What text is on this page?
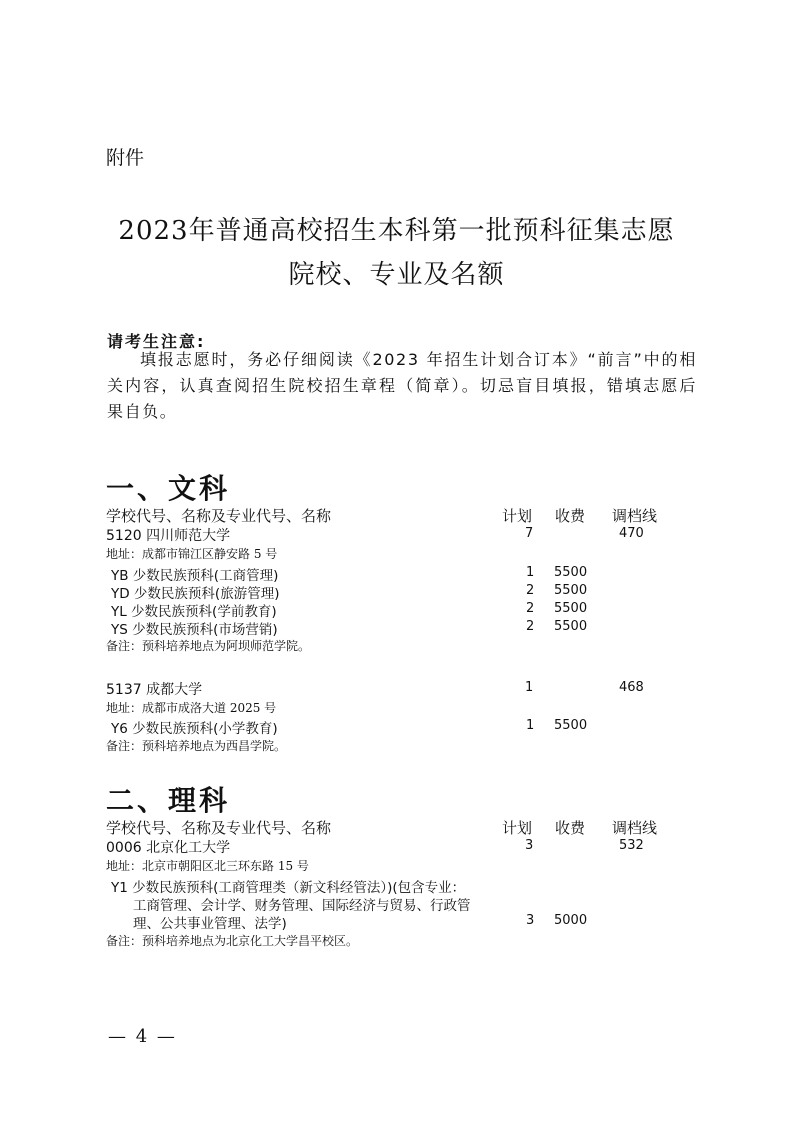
附件
2023年普通高校招生本科第一批预科征集志愿
院校、专业及名额
请考生注意:
填报志愿时，务必仔细阅读《2023 年招生计划合订本》“前言”中的相关内容，认真查阅招生院校招生章程（简章）。切忌盲目填报，错填志愿后果自负。
一、文科
学校代号、名称及专业代号、名称	计划 收费 调档线
5120 四川师范大学	7	470
地址：成都市锦江区静安路 5 号
YB 少数民族预科(工商管理)	1 5500
YD 少数民族预科(旅游管理)	2 5500
YL 少数民族预科(学前教育)	2 5500
YS 少数民族预科(市场营销)	2 5500
备注：预科培养地点为阿坝师范学院。
5137 成都大学	1	468
地址：成都市成洛大道 2025 号
Y6 少数民族预科(小学教育)	1 5500
备注：预科培养地点为西昌学院。
二、理科
学校代号、名称及专业代号、名称	计划 收费 调档线
0006 北京化工大学	3	532
地址：北京市朝阳区北三环东路 15 号
Y1 少数民族预科(工商管理类（新文科经管法）)(包含专业：
工商管理、会计学、财务管理、国际经济与贸易、行政管
理、公共事业管理、法学)	3 5000
备注：预科培养地点为北京化工大学昌平校区。
— 4 —
